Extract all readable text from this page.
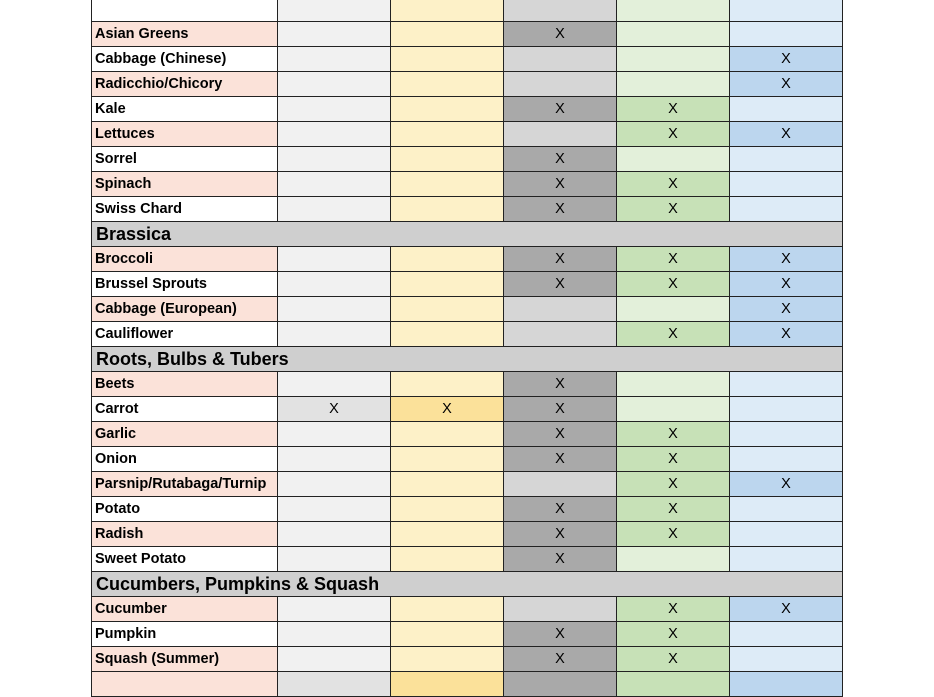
Asian Greens			X		
Cabbage (Chinese)					X
Radicchio/Chicory					X
Kale			X	X	
Lettuces				X	X
Sorrel			X		
Spinach			X	X	
Swiss Chard			X	X	
Brassica					
Broccoli			X	X	X
Brussel Sprouts			X	X	X
Cabbage (European)					X
Cauliflower				X	X
Roots, Bulbs & Tubers					
Beets			X		
Carrot	X	X	X		
Garlic			X	X	
Onion			X	X	
Parsnip/Rutabaga/Turnip				X	X
Potato			X	X	
Radish			X	X	
Sweet Potato			X		
Cucumbers, Pumpkins & Squash					
Cucumber				X	X
Pumpkin			X	X	
Squash (Summer)			X	X	
